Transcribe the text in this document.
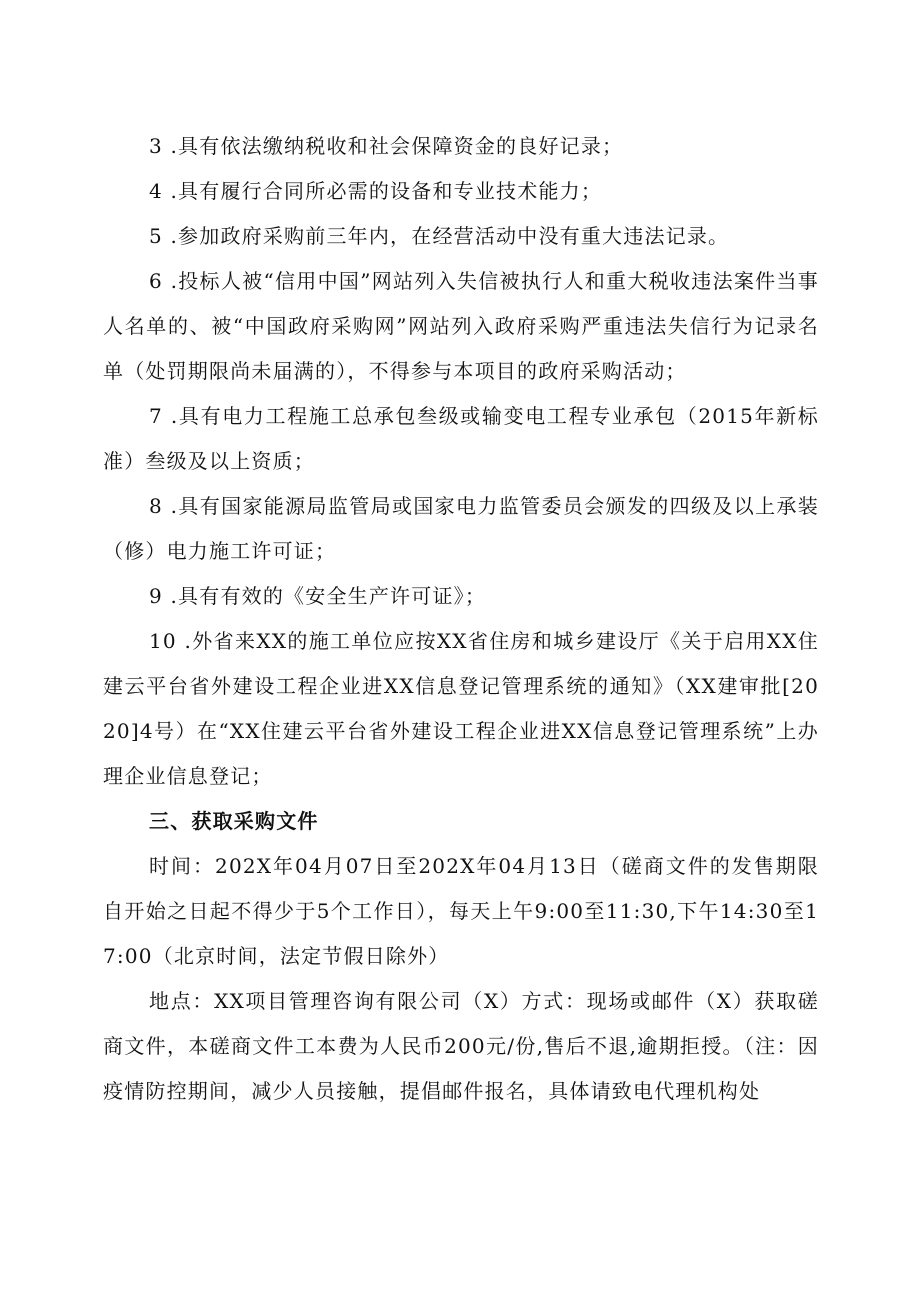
3 .具有依法缴纳税收和社会保障资金的良好记录；

4 .具有履行合同所必需的设备和专业技术能力；

5 .参加政府采购前三年内，在经营活动中没有重大违法记录。

6 .投标人被“信用中国”网站列入失信被执行人和重大税收违法案件当事人名单的、被“中国政府采购网”网站列入政府采购严重违法失信行为记录名单（处罚期限尚未届满的），不得参与本项目的政府采购活动；

7 .具有电力工程施工总承包叁级或输变电工程专业承包（2015年新标准）叁级及以上资质；

8 .具有国家能源局监管局或国家电力监管委员会颁发的四级及以上承装（修）电力施工许可证；

9 .具有有效的《安全生产许可证》；

10 .外省来XX的施工单位应按XX省住房和城乡建设厅《关于启用XX住建云平台省外建设工程企业进XX信息登记管理系统的通知》（XX建审批[2020]4号）在“XX住建云平台省外建设工程企业进XX信息登记管理系统”上办理企业信息登记；

三、获取采购文件

时间：202X年04月07日至202X年04月13日（磋商文件的发售期限自开始之日起不得少于5个工作日），每天上午9:00至11:30,下午14:30至17:00（北京时间，法定节假日除外）

地点：XX项目管理咨询有限公司（X）方式：现场或邮件（X）获取磋商文件，本磋商文件工本费为人民币200元/份,售后不退,逾期拒授。（注：因疫情防控期间，减少人员接触，提倡邮件报名，具体请致电代理机构处
